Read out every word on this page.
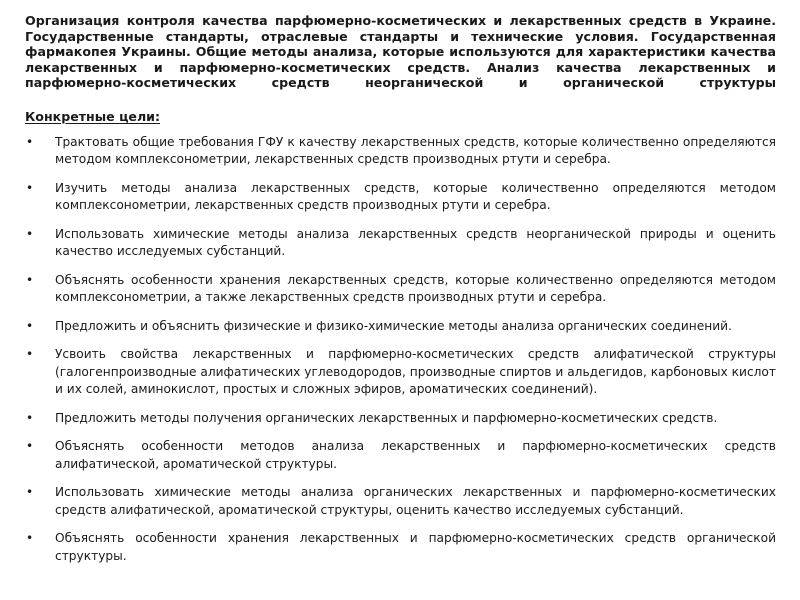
Организация контроля качества парфюмерно-косметических и лекарственных средств в Украине. Государственные стандарты, отраслевые стандарты и технические условия. Государственная фармакопея Украины. Общие методы анализа, которые используются для характеристики качества лекарственных и парфюмерно-косметических средств. Анализ качества лекарственных и парфюмерно-косметических средств неорганической и органической структуры

Конкретные цели:
• Трактовать общие требования ГФУ к качеству лекарственных средств, которые количественно определяются методом комплексонометрии, лекарственных средств производных ртути и серебра.
• Изучить методы анализа лекарственных средств, которые количественно определяются методом комплексонометрии, лекарственных средств производных ртути и серебра.
• Использовать химические методы анализа лекарственных средств неорганической природы и оценить качество исследуемых субстанций.
• Объяснять особенности хранения лекарственных средств, которые количественно определяются методом комплексонометрии, а также лекарственных средств производных ртути и серебра.
• Предложить и объяснить физические и физико-химические методы анализа органических соединений.
• Усвоить свойства лекарственных и парфюмерно-косметических средств алифатической структуры (галогенпроизводные алифатических углеводородов, производные спиртов и альдегидов, карбоновых кислот и их солей, аминокислот, простых и сложных эфиров, ароматических соединений).
• Предложить методы получения органических лекарственных и парфюмерно-косметических средств.
• Объяснять особенности методов анализа лекарственных и парфюмерно-косметических средств алифатической, ароматической структуры.
• Использовать химические методы анализа органических лекарственных и парфюмерно-косметических средств алифатической, ароматической структуры, оценить качество исследуемых субстанций.
• Объяснять особенности хранения лекарственных и парфюмерно-косметических средств органической структуры.
